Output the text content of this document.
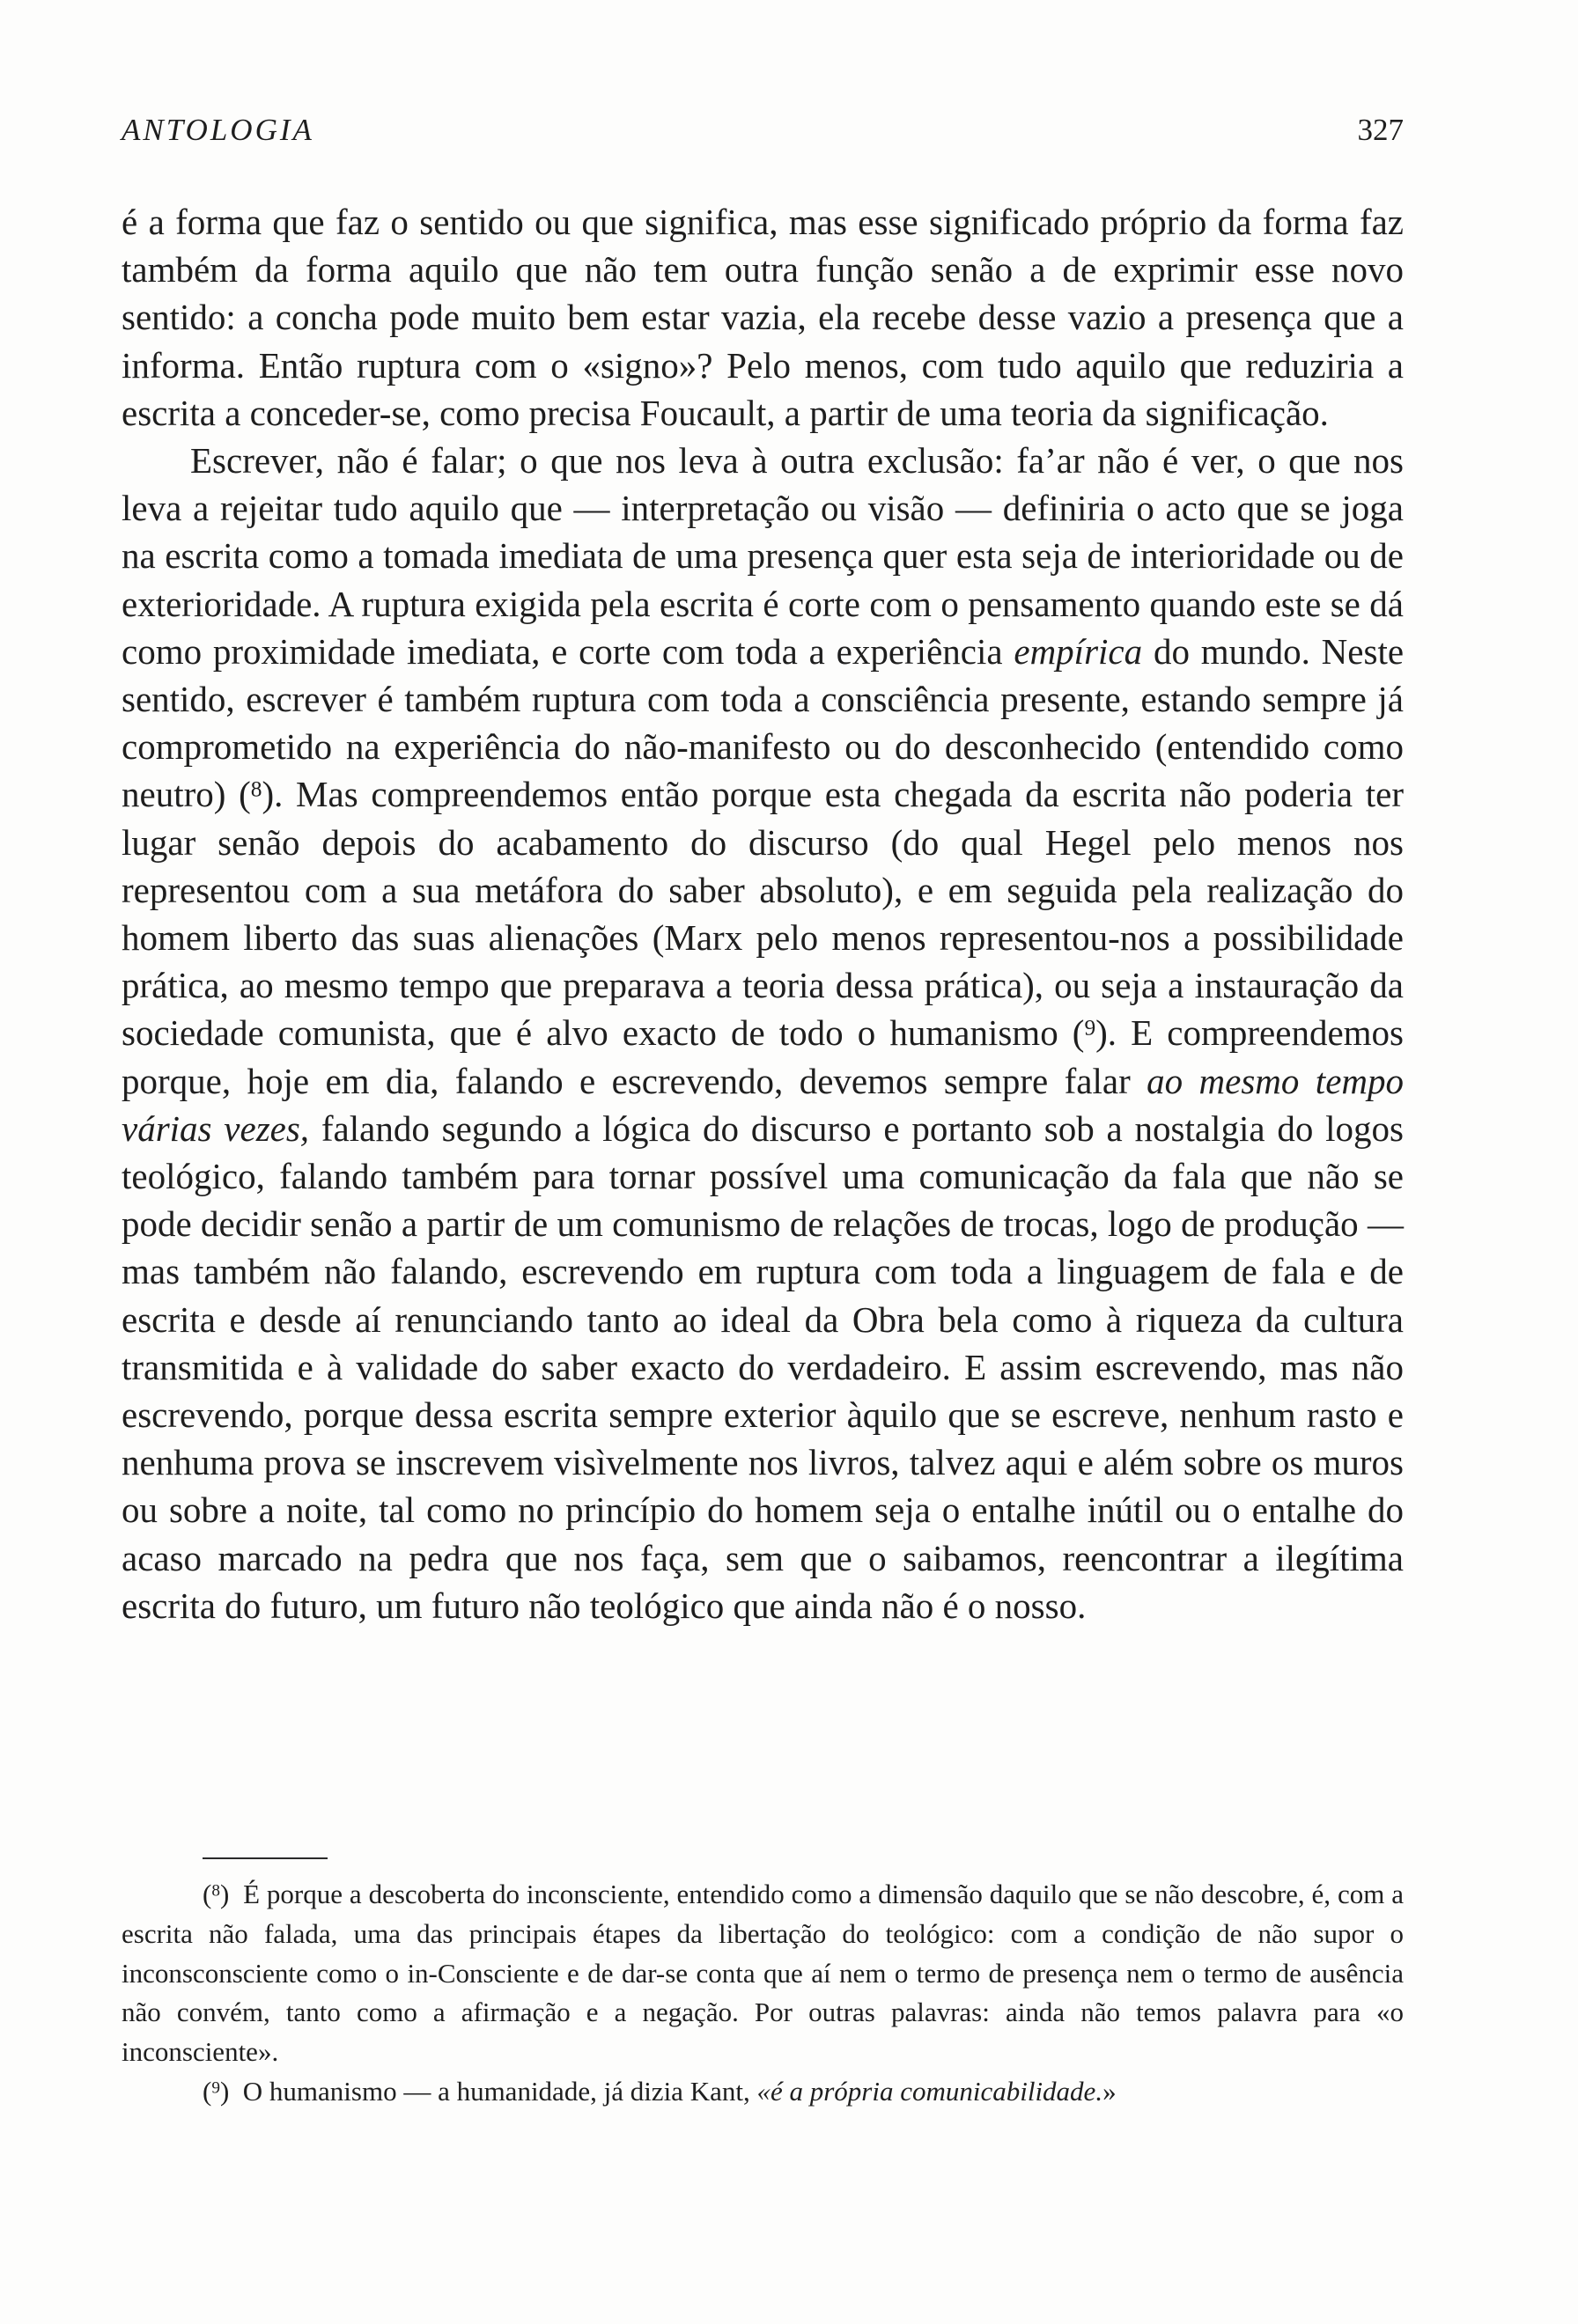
ANTOLOGIA	327

é a forma que faz o sentido ou que significa, mas esse significado próprio da forma faz também da forma aquilo que não tem outra função senão a de exprimir esse novo sentido: a concha pode muito bem estar vazia, ela recebe desse vazio a presença que a informa. Então ruptura com o «signo»? Pelo menos, com tudo aquilo que reduziria a escrita a conceder-se, como precisa Foucault, a partir de uma teoria da significação.

Escrever, não é falar; o que nos leva à outra exclusão: fa’ar não é ver, o que nos leva a rejeitar tudo aquilo que — interpretação ou visão — definiria o acto que se joga na escrita como a tomada imediata de uma presença quer esta seja de interioridade ou de exterioridade. A ruptura exigida pela escrita é corte com o pensamento quando este se dá como proximidade imediata, e corte com toda a experiência empírica do mundo. Neste sentido, escrever é também ruptura com toda a consciência presente, estando sempre já comprometido na experiência do não-manifesto ou do desconhecido (entendido como neutro) ($^8$). Mas compreendemos então porque esta chegada da escrita não poderia ter lugar senão depois do acabamento do discurso (do qual Hegel pelo menos nos representou com a sua metáfora do saber absoluto), e em seguida pela realização do homem liberto das suas alienações (Marx pelo menos representou-nos a possibilidade prática, ao mesmo tempo que preparava a teoria dessa prática), ou seja a instauração da sociedade comunista, que é alvo exacto de todo o humanismo ($^9$). E compreendemos porque, hoje em dia, falando e escrevendo, devemos sempre falar ao mesmo tempo várias vezes, falando segundo a lógica do discurso e portanto sob a nostalgia do logos teológico, falando também para tornar possível uma comunicação da fala que não se pode decidir senão a partir de um comunismo de relações de trocas, logo de produção — mas também não falando, escrevendo em ruptura com toda a linguagem de fala e de escrita e desde aí renunciando tanto ao ideal da Obra bela como à riqueza da cultura transmitida e à validade do saber exacto do verdadeiro. E assim escrevendo, mas não escrevendo, porque dessa escrita sempre exterior àquilo que se escreve, nenhum rasto e nenhuma prova se inscrevem visìvelmente nos livros, talvez aqui e além sobre os muros ou sobre a noite, tal como no princípio do homem seja o entalhe inútil ou o entalhe do acaso marcado na pedra que nos faça, sem que o saibamos, reencontrar a ilegítima escrita do futuro, um futuro não teológico que ainda não é o nosso.

($^8$)  É porque a descoberta do inconsciente, entendido como a dimensão daquilo que se não descobre, é, com a escrita não falada, uma das principais étapes da libertação do teológico: com a condição de não supor o inconsconsciente como o in-Consciente e de dar-se conta que aí nem o termo de presença nem o termo de ausência não convém, tanto como a afirmação e a negação. Por outras palavras: ainda não temos palavra para «o inconsciente».

($^9$)  O humanismo — a humanidade, já dizia Kant, «é a própria comunicabilidade.»
